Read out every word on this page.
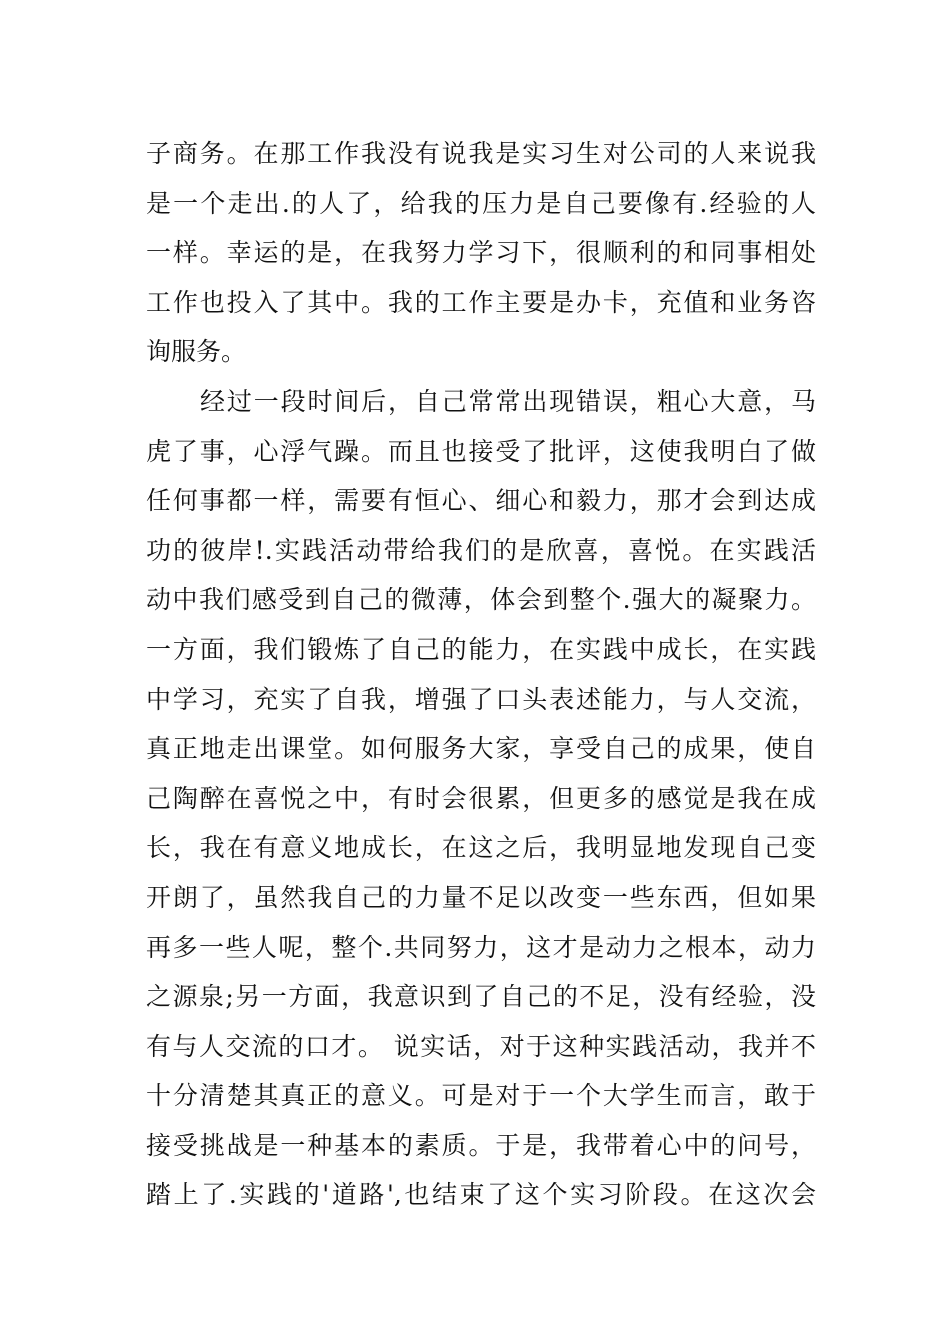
子商务。在那工作我没有说我是实习生对公司的人来说我
是一个走出.的人了，给我的压力是自己要像有.经验的人
一样。幸运的是，在我努力学习下，很顺利的和同事相处
工作也投入了其中。我的工作主要是办卡，充值和业务咨
询服务。
经过一段时间后，自己常常出现错误，粗心大意，马
虎了事，心浮气躁。而且也接受了批评，这使我明白了做
任何事都一样，需要有恒心、细心和毅力，那才会到达成
功的彼岸!.实践活动带给我们的是欣喜，喜悦。在实践活
动中我们感受到自己的微薄，体会到整个.强大的凝聚力。
一方面，我们锻炼了自己的能力，在实践中成长，在实践
中学习，充实了自我，增强了口头表述能力，与人交流，
真正地走出课堂。如何服务大家，享受自己的成果，使自
己陶醉在喜悦之中，有时会很累，但更多的感觉是我在成
长，我在有意义地成长，在这之后，我明显地发现自己变
开朗了，虽然我自己的力量不足以改变一些东西，但如果
再多一些人呢，整个.共同努力，这才是动力之根本，动力
之源泉;另一方面，我意识到了自己的不足，没有经验，没
有与人交流的口才。 说实话，对于这种实践活动，我并不
十分清楚其真正的意义。可是对于一个大学生而言，敢于
接受挑战是一种基本的素质。于是，我带着心中的问号，
踏上了.实践的'道路',也结束了这个实习阶段。在这次会
